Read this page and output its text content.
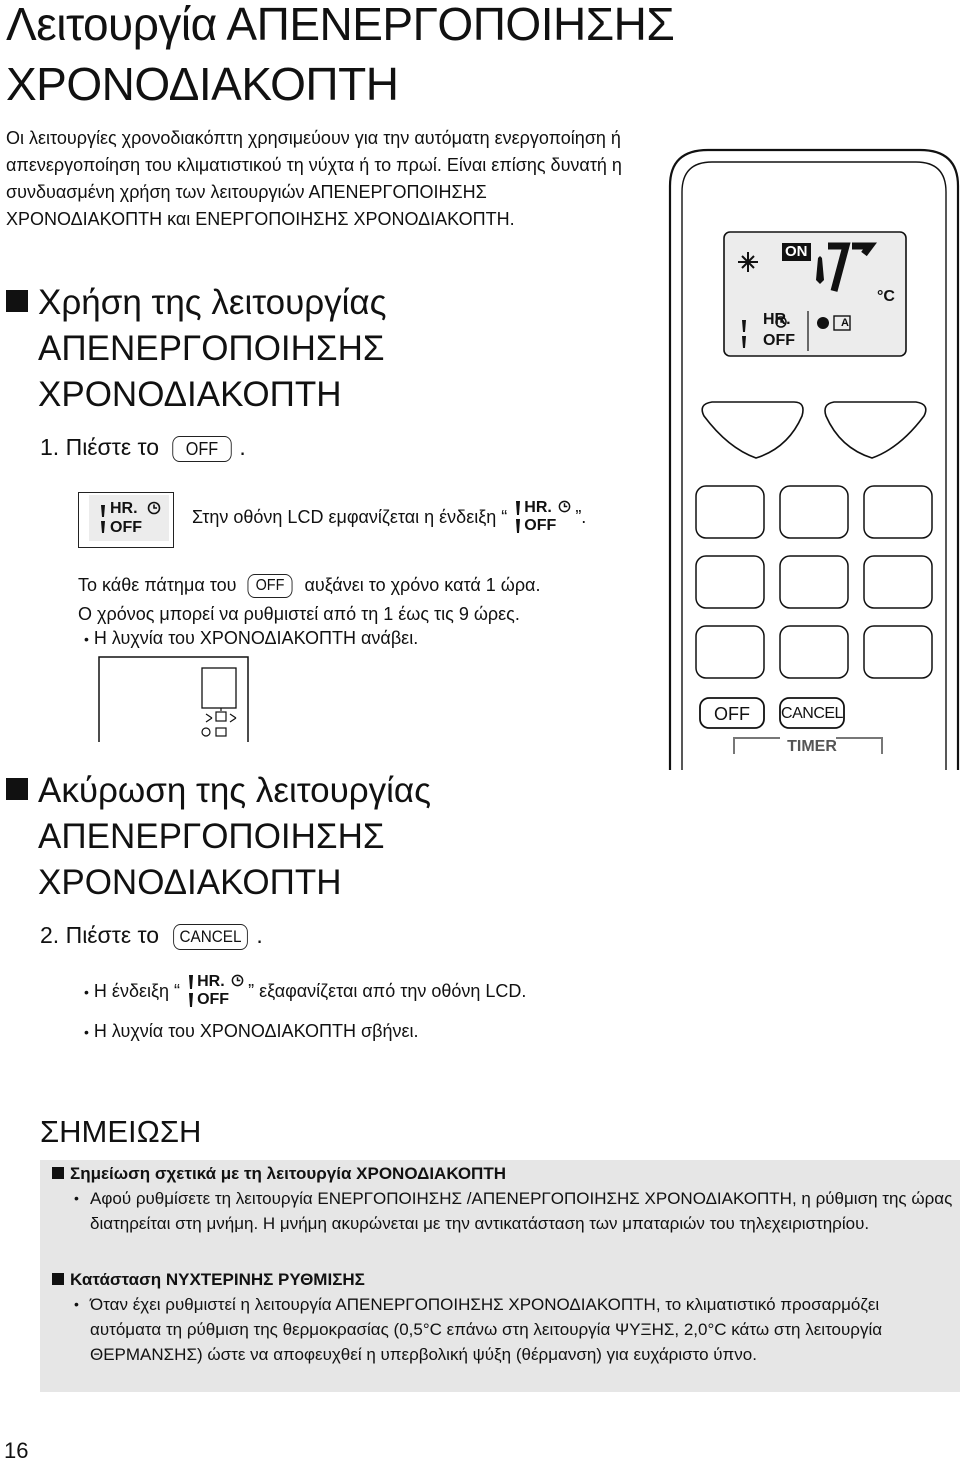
Λειτουργία ΑΠΕΝΕΡΓΟΠΟΙΗΣΗΣ ΧΡΟΝΟΔΙΑΚΟΠΤΗ
Οι λειτουργίες χρονοδιακόπτη χρησιμεύουν για την αυτόματη ενεργοποίηση ή απενεργοποίηση του κλιματιστικού τη νύχτα ή το πρωί. Είναι επίσης δυνατή η συνδυασμένη χρήση των λειτουργιών ΑΠΕΝΕΡΓΟΠΟΙΗΣΗΣ ΧΡΟΝΟΔΙΑΚΟΠΤΗ και ΕΝΕΡΓΟΠΟΙΗΣΗΣ ΧΡΟΝΟΔΙΑΚΟΠΤΗ.
Χρήση της λειτουργίας
ΑΠΕΝΕΡΓΟΠΟΙΗΣΗΣ
ΧΡΟΝΟΔΙΑΚΟΠΤΗ
1. Πιέστε το OFF .
HR.
OFF
Στην οθόνη LCD εμφανίζεται η ένδειξη “ HR.
OFF ”.
Το κάθε πάτημα του OFF αυξάνει το χρόνο κατά 1 ώρα.
Ο χρόνος μπορεί να ρυθμιστεί από τη 1 έως τις 9 ώρες.
• Η λυχνία του ΧΡΟΝΟΔΙΑΚΟΠΤΗ ανάβει.
ON
°C
HR.
OFF
A
OFF	CANCEL
TIMER
Ακύρωση της λειτουργίας
ΑΠΕΝΕΡΓΟΠΟΙΗΣΗΣ
ΧΡΟΝΟΔΙΑΚΟΠΤΗ
2. Πιέστε το CANCEL .
• Η ένδειξη “ HR.
OFF ” εξαφανίζεται από την οθόνη LCD.
• Η λυχνία του ΧΡΟΝΟΔΙΑΚΟΠΤΗ σβήνει.
ΣΗΜΕΙΩΣΗ
Σημείωση σχετικά με τη λειτουργία ΧΡΟΝΟΔΙΑΚΟΠΤΗ
• Αφού ρυθμίσετε τη λειτουργία ΕΝΕΡΓΟΠΟΙΗΣΗΣ /ΑΠΕΝΕΡΓΟΠΟΙΗΣΗΣ ΧΡΟΝΟΔΙΑΚΟΠΤΗ, η ρύθμιση της ώρας διατηρείται στη μνήμη. Η μνήμη ακυρώνεται με την αντικατάσταση των μπαταριών του τηλεχειριστηρίου.
Κατάσταση ΝΥΧΤΕΡΙΝΗΣ ΡΥΘΜΙΣΗΣ
• Όταν έχει ρυθμιστεί η λειτουργία ΑΠΕΝΕΡΓΟΠΟΙΗΣΗΣ ΧΡΟΝΟΔΙΑΚΟΠΤΗ, το κλιματιστικό προσαρμόζει αυτόματα τη ρύθμιση της θερμοκρασίας (0,5°C επάνω στη λειτουργία ΨΥΞΗΣ, 2,0°C κάτω στη λειτουργία ΘΕΡΜΑΝΣΗΣ) ώστε να αποφευχθεί η υπερβολική ψύξη (θέρμανση) για ευχάριστο ύπνο.
16
